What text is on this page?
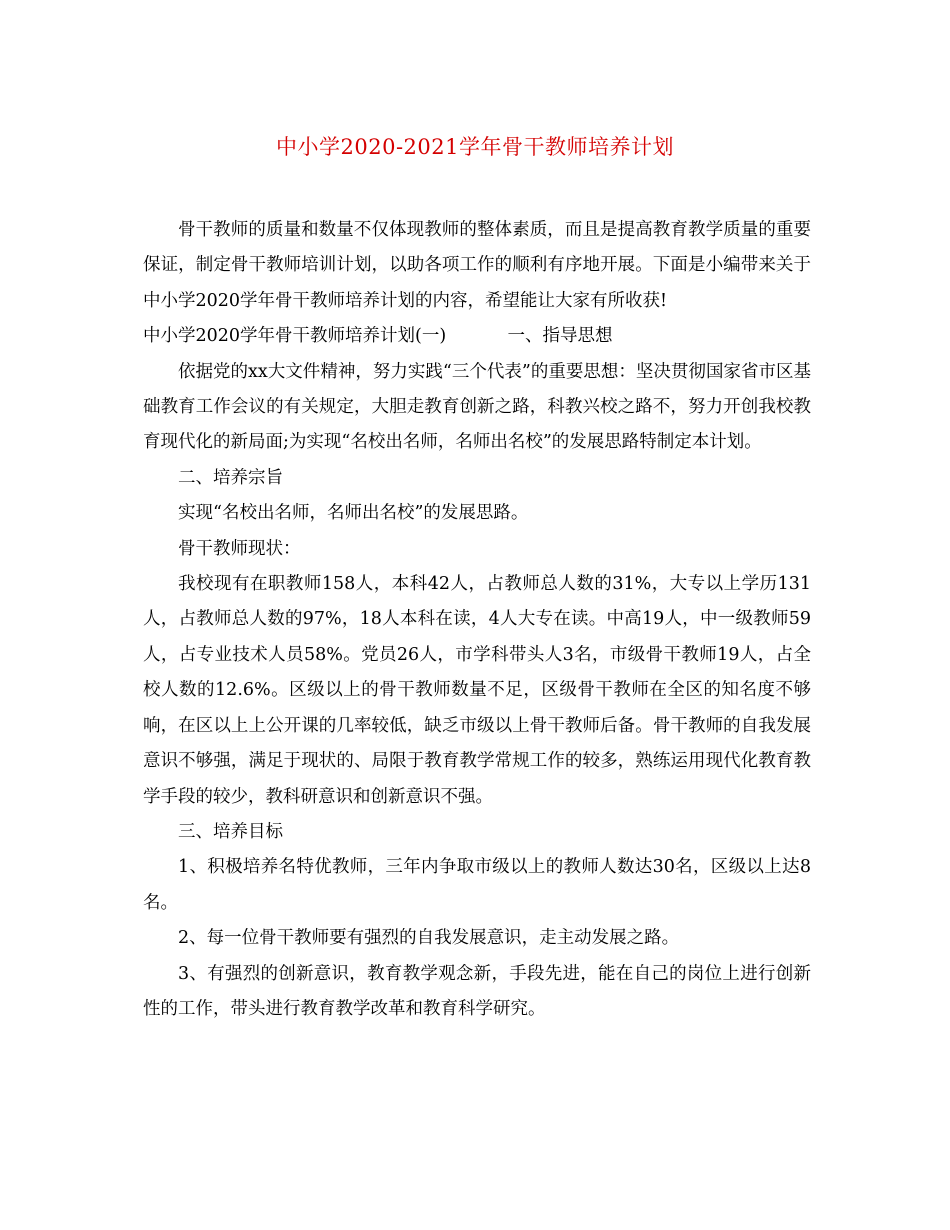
中小学2020-2021学年骨干教师培养计划

骨干教师的质量和数量不仅体现教师的整体素质，而且是提高教育教学质量的重要保证，制定骨干教师培训计划，以助各项工作的顺利有序地开展。下面是小编带来关于中小学2020学年骨干教师培养计划的内容，希望能让大家有所收获!

中小学2020学年骨干教师培养计划(一)	一、指导思想

依据党的xx大文件精神，努力实践“三个代表”的重要思想：坚决贯彻国家省市区基础教育工作会议的有关规定，大胆走教育创新之路，科教兴校之路不，努力开创我校教育现代化的新局面;为实现“名校出名师，名师出名校”的发展思路特制定本计划。

二、培养宗旨

实现“名校出名师，名师出名校”的发展思路。

骨干教师现状：

我校现有在职教师158人，本科42人，占教师总人数的31%，大专以上学历131人，占教师总人数的97%，18人本科在读，4人大专在读。中高19人，中一级教师59人，占专业技术人员58%。党员26人，市学科带头人3名，市级骨干教师19人，占全校人数的12.6%。区级以上的骨干教师数量不足，区级骨干教师在全区的知名度不够响，在区以上上公开课的几率较低，缺乏市级以上骨干教师后备。骨干教师的自我发展意识不够强，满足于现状的、局限于教育教学常规工作的较多，熟练运用现代化教育教学手段的较少，教科研意识和创新意识不强。

三、培养目标

1、积极培养名特优教师，三年内争取市级以上的教师人数达30名，区级以上达8名。

2、每一位骨干教师要有强烈的自我发展意识，走主动发展之路。

3、有强烈的创新意识，教育教学观念新，手段先进，能在自己的岗位上进行创新性的工作，带头进行教育教学改革和教育科学研究。
